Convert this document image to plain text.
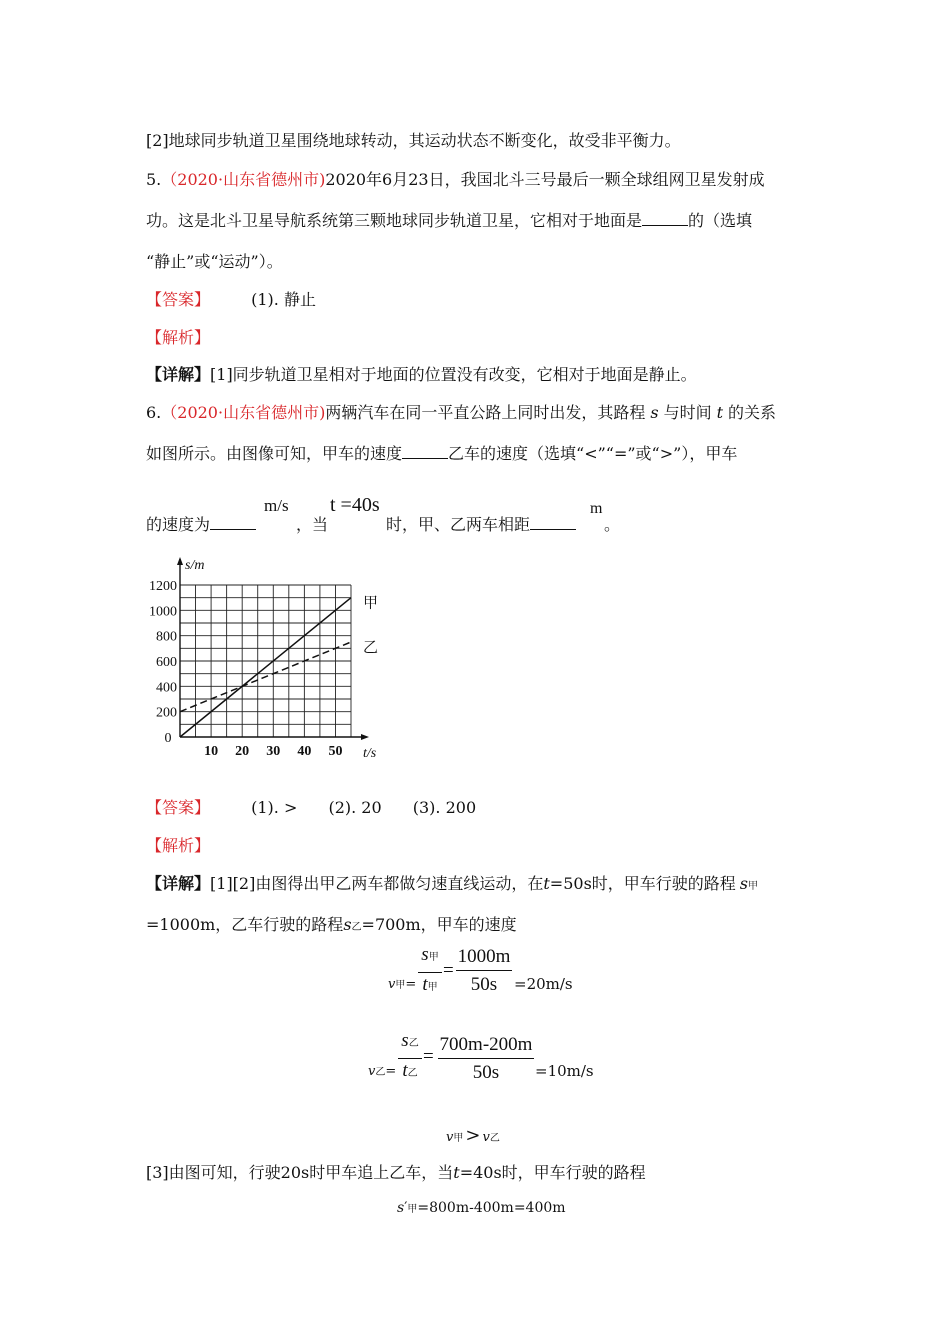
[2]地球同步轨道卫星围绕地球转动，其运动状态不断变化，故受非平衡力。
5.（2020·山东省德州市)2020年6月23日，我国北斗三号最后一颗全球组网卫星发射成
功。这是北斗卫星导航系统第三颗地球同步轨道卫星，它相对于地面是	的（选填
“静止”或“运动”）。
【答案】	(1). 静止
【解析】
【详解】[1]同步轨道卫星相对于地面的位置没有改变，它相对于地面是静止。
6.（2020·山东省德州市)两辆汽车在同一平直公路上同时出发，其路程 s 与时间 t 的关系
如图所示。由图像可知，甲车的速度	乙车的速度（选填“<”“=”或“>”），甲车
的速度为
m/s
，当
t =40s
时，甲、乙两车相距
m
。
200
400
600
800
1000
1200
0
10 20 30 40 50
s/m
t/s
甲
乙
【答案】	(1). > (2). 20 (3). 200
【解析】
【详解】[1][2]由图得出甲乙两车都做匀速直线运动，在t=50s时，甲车行驶的路程 s甲
=1000m，乙车行驶的路程s乙=700m，甲车的速度
v甲=
s甲
t甲
=
1000m
50s	=20m/s
v乙=
s乙
t乙
=
700m-200m
50s	=10m/s
v甲 > v乙
[3]由图可知，行驶20s时甲车追上乙车，当t=40s时，甲车行驶的路程
s′甲=800m-400m=400m
